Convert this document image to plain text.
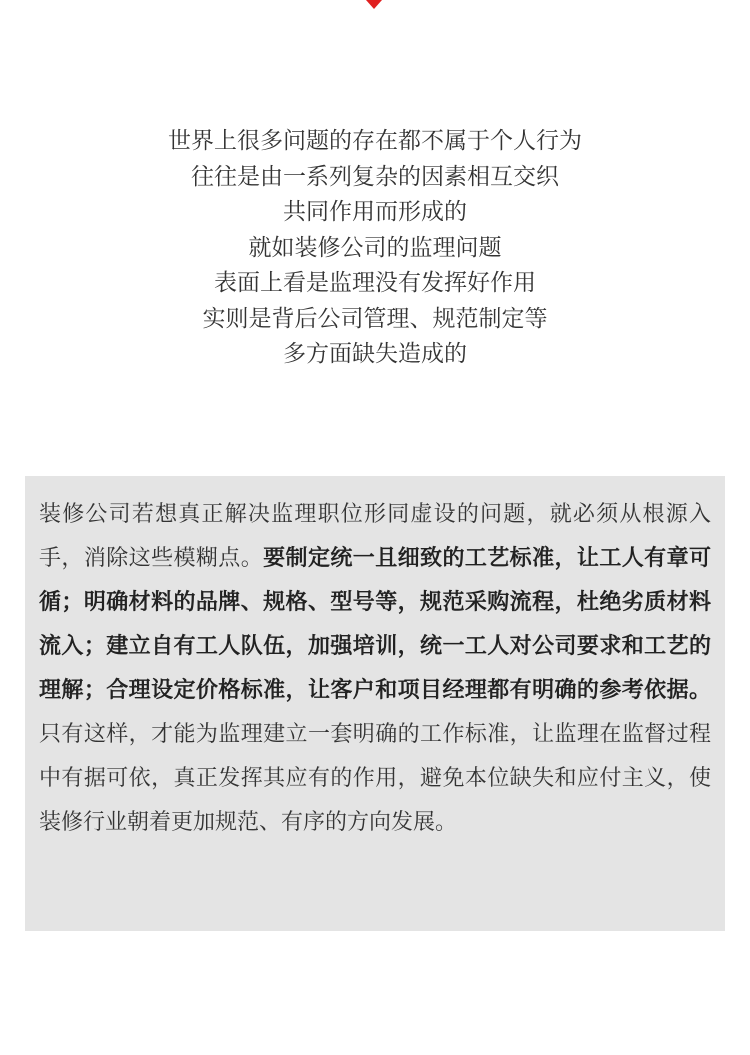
世界上很多问题的存在都不属于个人行为
往往是由一系列复杂的因素相互交织
共同作用而形成的
就如装修公司的监理问题
表面上看是监理没有发挥好作用
实则是背后公司管理、规范制定等
多方面缺失造成的

装修公司若想真正解决监理职位形同虚设的问题，就必须从根源入手，消除这些模糊点。要制定统一且细致的工艺标准，让工人有章可循；明确材料的品牌、规格、型号等，规范采购流程，杜绝劣质材料流入；建立自有工人队伍，加强培训，统一工人对公司要求和工艺的理解；合理设定价格标准，让客户和项目经理都有明确的参考依据。只有这样，才能为监理建立一套明确的工作标准，让监理在监督过程中有据可依，真正发挥其应有的作用，避免本位缺失和应付主义，使装修行业朝着更加规范、有序的方向发展。
